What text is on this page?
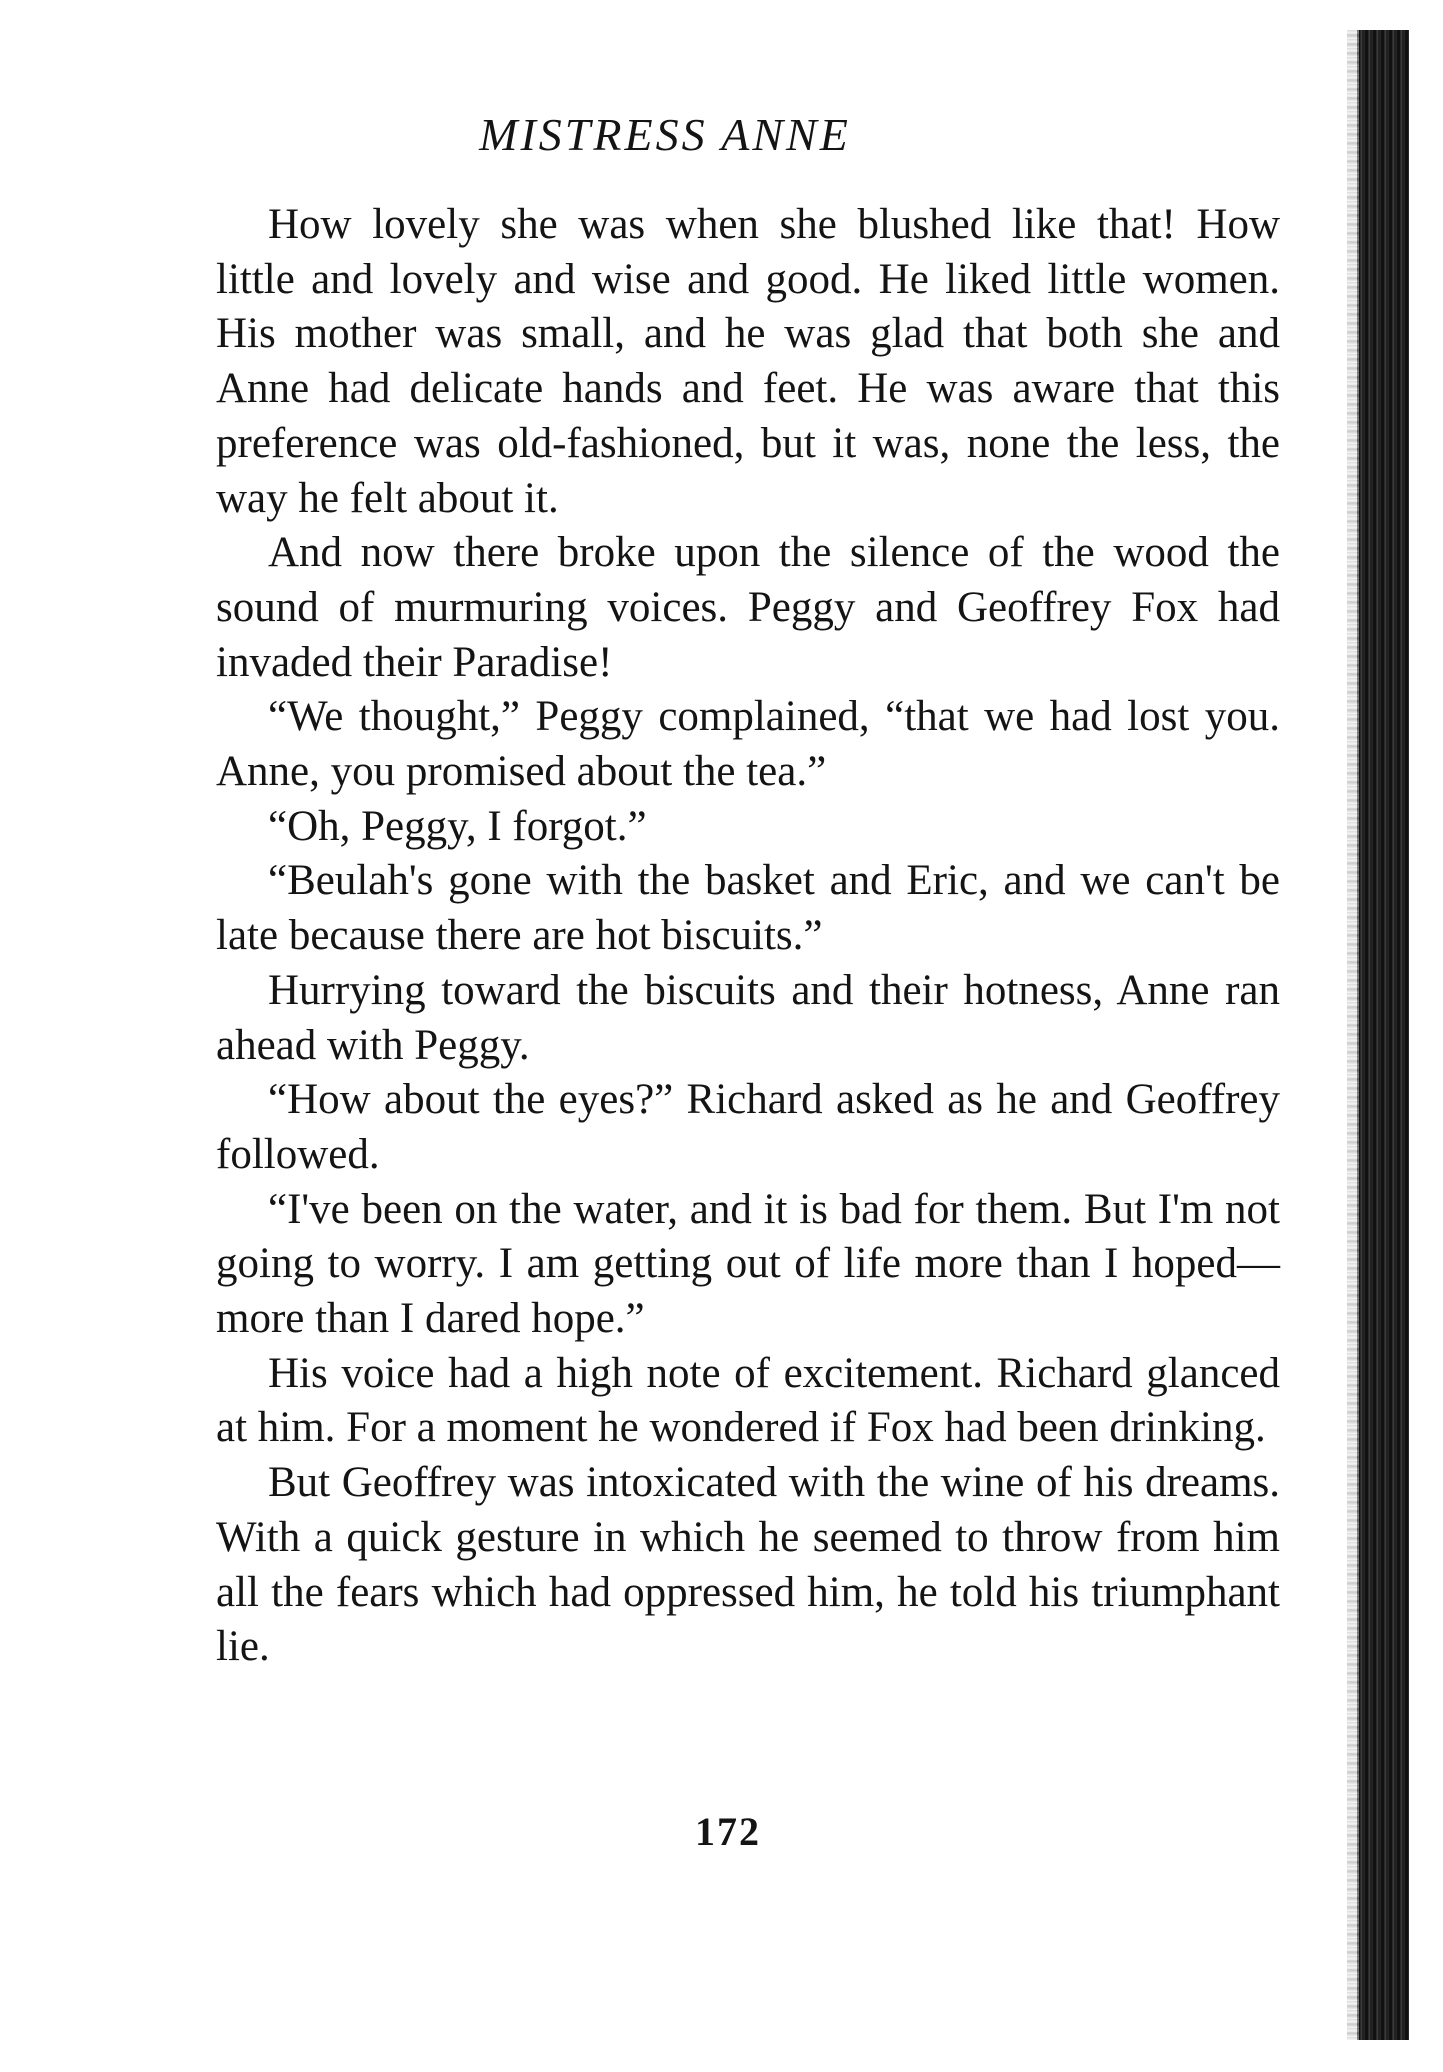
MISTRESS ANNE

How lovely she was when she blushed like that! How little and lovely and wise and good. He liked little women. His mother was small, and he was glad that both she and Anne had delicate hands and feet. He was aware that this preference was old-fashioned, but it was, none the less, the way he felt about it.

And now there broke upon the silence of the wood the sound of murmuring voices. Peggy and Geoffrey Fox had invaded their Paradise!

“We thought,” Peggy complained, “that we had lost you. Anne, you promised about the tea.”

“Oh, Peggy, I forgot.”

“Beulah's gone with the basket and Eric, and we can't be late because there are hot biscuits.”

Hurrying toward the biscuits and their hotness, Anne ran ahead with Peggy.

“How about the eyes?” Richard asked as he and Geoffrey followed.

“I've been on the water, and it is bad for them. But I'm not going to worry. I am getting out of life more than I hoped—more than I dared hope.”

His voice had a high note of excitement. Richard glanced at him. For a moment he wondered if Fox had been drinking.

But Geoffrey was intoxicated with the wine of his dreams. With a quick gesture in which he seemed to throw from him all the fears which had oppressed him, he told his triumphant lie.

172
